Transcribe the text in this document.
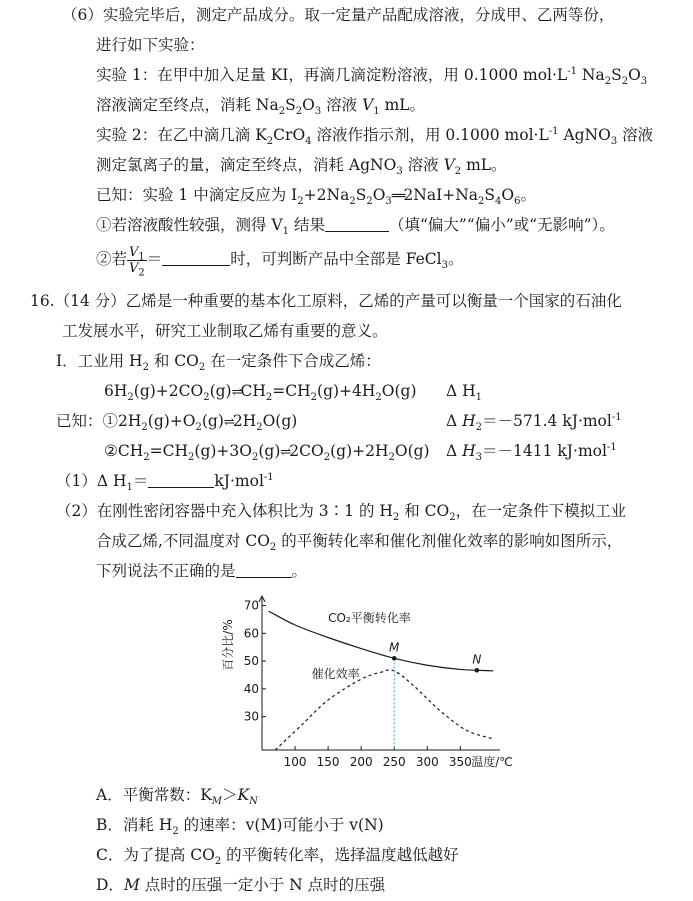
（6）实验完毕后，测定产品成分。取一定量产品配成溶液，分成甲、乙两等份，
进行如下实验：
实验 1：在甲中加入足量 KI，再滴几滴淀粉溶液，用 0.1000 $mol\cdot L^{-1}$ $Na_2S_2O_3$
溶液滴定至终点，消耗 $Na_2S_2O_3$ 溶液 $V_1$ mL。
实验 2：在乙中滴几滴 $K_2CrO_4$ 溶液作指示剂，用 0.1000 $mol\cdot L^{-1}$ AgNO$_3$ 溶液
测定氯离子的量，滴定至终点，消耗 AgNO$_3$ 溶液 $V_2$ mL。
已知：实验 1 中滴定反应为 $I_2+2Na_2S_2O_3══2NaI+Na_2S_4O_6$。
①若溶液酸性较强，测得 $V_1$ 结果	（填“偏大”“偏小”或“无影响”）。
②若 $\frac{V_1}{V_2}$ ＝	时，可判断产品中全部是 FeCl$_3$。
16.（14 分）乙烯是一种重要的基本化工原料，乙烯的产量可以衡量一个国家的石油化
工发展水平，研究工业制取乙烯有重要的意义。
I．工业用 $H_2$ 和 $CO_2$ 在一定条件下合成乙烯：
$6H_2(g)+2CO_2(g)\rightleftharpoons CH_2=CH_2(g)+4H_2O(g)$ Δ $H_1$
已知：$①2H_2(g)+O_2(g)\rightleftharpoons 2H_2O(g)$	Δ $H_2=-571.4$ kJ·mol$^{-1}$
$②CH_2=CH_2(g)+3O_2(g)\rightleftharpoons 2CO_2(g)+2H_2O(g)$ Δ $H_3=-1411$ kJ·mol$^{-1}$
（1）Δ $H_1=$	kJ·mol$^{-1}$
（2）在刚性密闭容器中充入体积比为 3∶1 的 $H_2$ 和 $CO_2$，在一定条件下模拟工业
合成乙烯,不同温度对 $CO_2$ 的平衡转化率和催化剂催化效率的影响如图所示，
下列说法不正确的是	。
30
40
50
60
70
100 150 200 250 300 350 温度/℃
百分比/%	M
N
CO₂平衡转化率
催化效率
A．平衡常数：$K_M>K_N$
B．消耗 $H_2$ 的速率：v(M)可能小于 v(N)
C．为了提高 $CO_2$ 的平衡转化率，选择温度越低越好
D．M 点时的压强一定小于 N 点时的压强
